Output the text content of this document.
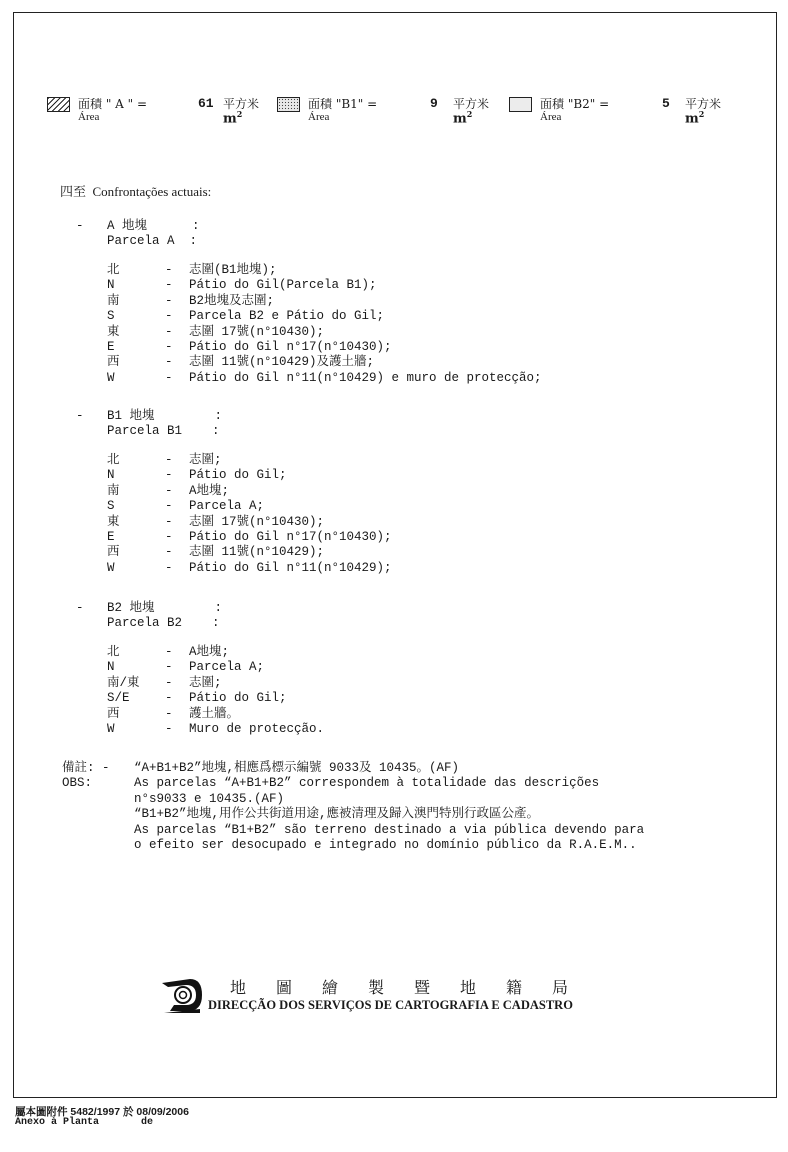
面積 " A " =
Área
61 平方米
$m^2$
面積 "B1" =
Área
9 平方米
$m^2$
面積 "B2" =
Área
5 平方米
$m^2$
四至  Confrontações actuais:
- A 地塊      :
Parcela A  :
北	- 志圍(B1地塊);
N	- Pátio do Gil(Parcela B1);
南	- B2地塊及志圍;
S	- Parcela B2 e Pátio do Gil;
東	- 志圍 17號(n°10430);
E	- Pátio do Gil n°17(n°10430);
西	- 志圍 11號(n°10429)及護土牆;
W	- Pátio do Gil n°11(n°10429) e muro de protecção;
- B1 地塊        :
Parcela B1    :
北	- 志圍;
N	- Pátio do Gil;
南	- A地塊;
S	- Parcela A;
東	- 志圍 17號(n°10430);
E	- Pátio do Gil n°17(n°10430);
西	- 志圍 11號(n°10429);
W	- Pátio do Gil n°11(n°10429);
- B2 地塊        :
Parcela B2    :
北	- A地塊;
N	- Parcela A;
南/東 - 志圍;
S/E	- Pátio do Gil;
西	- 護土牆。
W	- Muro de protecção.
備註: -
OBS:
“A+B1+B2”地塊,相應爲標示編號 9033及 10435。(AF)
As parcelas “A+B1+B2” correspondem à totalidade das descrições
n°s9033 e 10435.(AF)
“B1+B2”地塊,用作公共街道用途,應被清理及歸入澳門特別行政區公產。
As parcelas “B1+B2” são terreno destinado a via pública devendo para
o efeito ser desocupado e integrado no domínio público da R.A.E.M..
地 圖 繪 製 暨 地 籍 局
DIRECÇÃO DOS SERVIÇOS DE CARTOGRAFIA E CADASTRO
屬本圖附件 5482/1997 於 08/09/2006
Anexo à Planta       de
